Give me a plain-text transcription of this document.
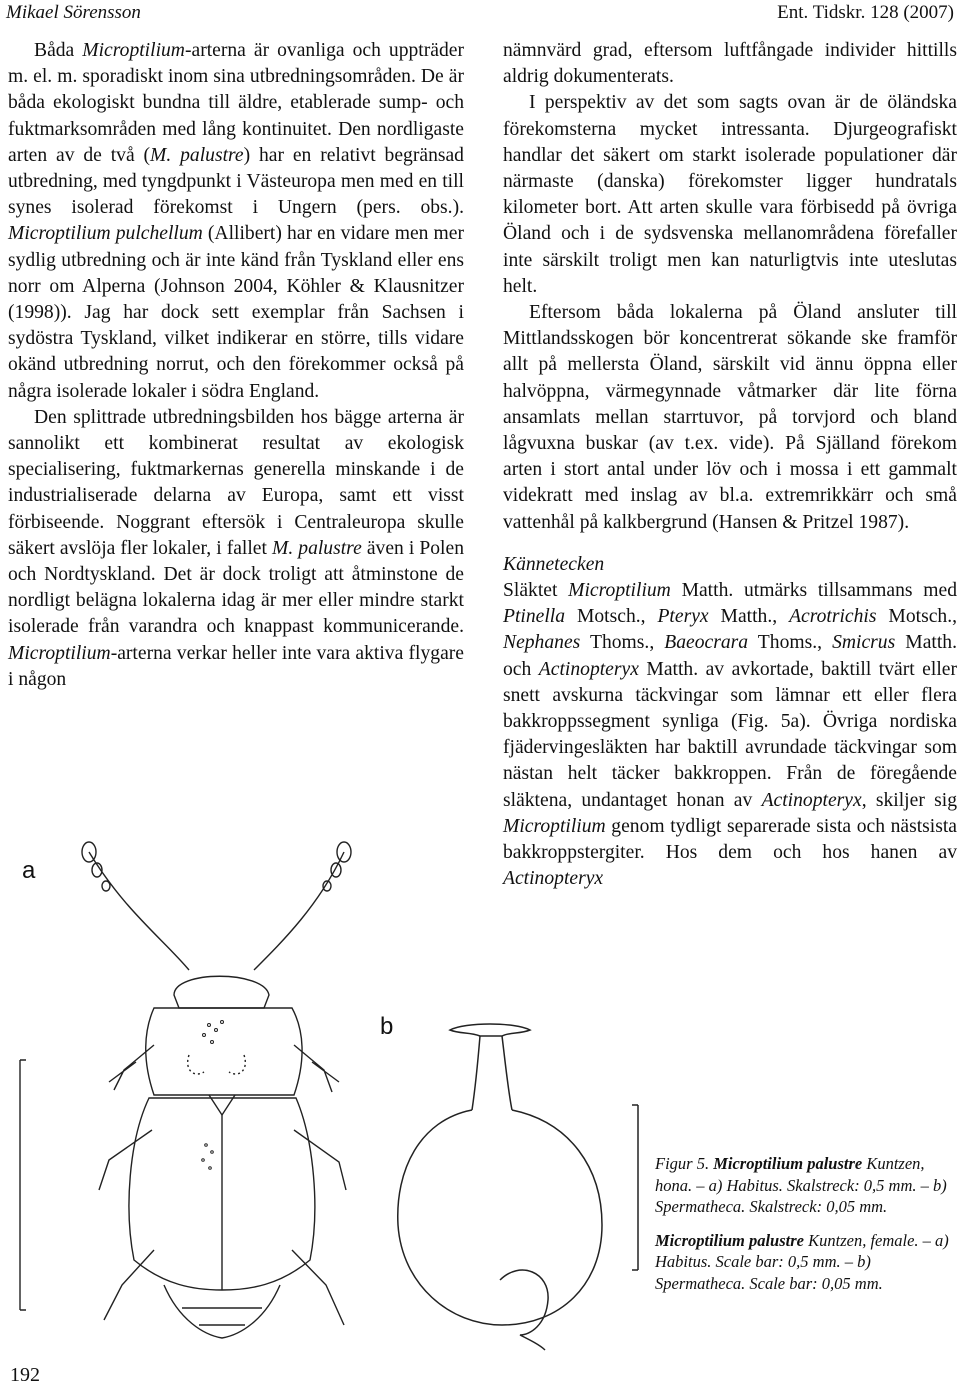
Mikael Sörensson	Ent. Tidskr. 128 (2007)

Båda Microptilium-arterna är ovanliga och uppträder m. el. m. sporadiskt inom sina utbredningsområden. De är båda ekologiskt bundna till äldre, etablerade sump- och fuktmarksområden med lång kontinuitet. Den nordligaste arten av de två (M. palustre) har en relativt begränsad utbredning, med tyngdpunkt i Västeuropa men med en till synes isolerad förekomst i Ungern (pers. obs.). Microptilium pulchellum (Allibert) har en vidare men mer sydlig utbredning och är inte känd från Tyskland eller ens norr om Alperna (Johnson 2004, Köhler & Klausnitzer (1998)). Jag har dock sett exemplar från Sachsen i sydöstra Tyskland, vilket indikerar en större, tills vidare okänd utbredning norrut, och den förekommer också på några isolerade lokaler i södra England.

Den splittrade utbredningsbilden hos bägge arterna är sannolikt ett kombinerat resultat av ekologisk specialisering, fuktmarkernas generella minskande i de industrialiserade delarna av Europa, samt ett visst förbiseende. Noggrant eftersök i Centraleuropa skulle säkert avslöja fler lokaler, i fallet M. palustre även i Polen och Nordtyskland. Det är dock troligt att åtminstone de nordligt belägna lokalerna idag är mer eller mindre starkt isolerade från varandra och knappast kommunicerande. Microptilium-arterna verkar heller inte vara aktiva flygare i någon

nämnvärd grad, eftersom luftfångade individer hittills aldrig dokumenterats.

I perspektiv av det som sagts ovan är de öländska förekomsterna mycket intressanta. Djurgeografiskt handlar det säkert om starkt isolerade populationer där närmaste (danska) förekomster ligger hundratals kilometer bort. Att arten skulle vara förbisedd på övriga Öland och i de sydsvenska mellanområdena förefaller inte särskilt troligt men kan naturligtvis inte uteslutas helt.

Eftersom båda lokalerna på Öland ansluter till Mittlandsskogen bör koncentrerat sökande ske framför allt på mellersta Öland, särskilt vid ännu öppna eller halvöppna, värmegynnade våtmarker där lite förna ansamlats mellan starrtuvor, på torvjord och bland lågvuxna buskar (av t.ex. vide). På Själland förekom arten i stort antal under löv och i mossa i ett gammalt videkratt med inslag av bl.a. extremrikkärr och små vattenhål på kalkbergrund (Hansen & Pritzel 1987).

Kännetecken

Släktet Microptilium Matth. utmärks tillsammans med Ptinella Motsch., Pteryx Matth., Acrotrichis Motsch., Nephanes Thoms., Baeocrara Thoms., Smicrus Matth. och Actinopteryx Matth. av avkortade, baktill tvärt eller snett avskurna täckvingar som lämnar ett eller flera bakkroppssegment synliga (Fig. 5a). Övriga nordiska fjädervingesläkten har baktill avrundade täckvingar som nästan helt täcker bakkroppen. Från de föregående släktena, undantaget honan av Actinopteryx, skiljer sig Microptilium genom tydligt separerade sista och nästsista bakkroppstergiter. Hos dem och hos hanen av Actinopteryx

a
b

Figur 5. Microptilium palustre Kuntzen, hona. – a) Habitus. Skalstreck: 0,5 mm. – b) Spermatheca. Skalstreck: 0,05 mm.

Microptilium palustre Kuntzen, female. – a) Habitus. Scale bar: 0,5 mm. – b) Spermatheca. Scale bar: 0,05 mm.

192
